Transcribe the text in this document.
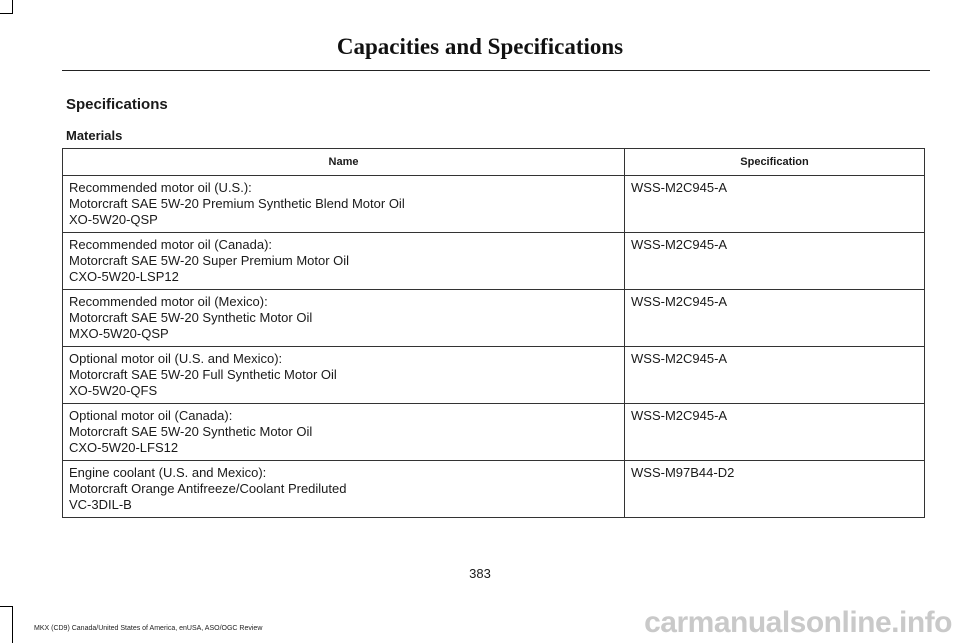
Capacities and Specifications
Specifications
Materials
Name	Specification

Recommended motor oil (U.S.):
Motorcraft SAE 5W-20 Premium Synthetic Blend Motor Oil
XO-5W20-QSP	WSS-M2C945-A

Recommended motor oil (Canada):
Motorcraft SAE 5W-20 Super Premium Motor Oil
CXO-5W20-LSP12	WSS-M2C945-A

Recommended motor oil (Mexico):
Motorcraft SAE 5W-20 Synthetic Motor Oil
MXO-5W20-QSP	WSS-M2C945-A

Optional motor oil (U.S. and Mexico):
Motorcraft SAE 5W-20 Full Synthetic Motor Oil
XO-5W20-QFS	WSS-M2C945-A

Optional motor oil (Canada):
Motorcraft SAE 5W-20 Synthetic Motor Oil
CXO-5W20-LFS12	WSS-M2C945-A

Engine coolant (U.S. and Mexico):
Motorcraft Orange Antifreeze/Coolant Prediluted
VC-3DIL-B	WSS-M97B44-D2
383
MKX (CD9) Canada/United States of America, enUSA, ASO/OGC Review	carmanualsonline.info
